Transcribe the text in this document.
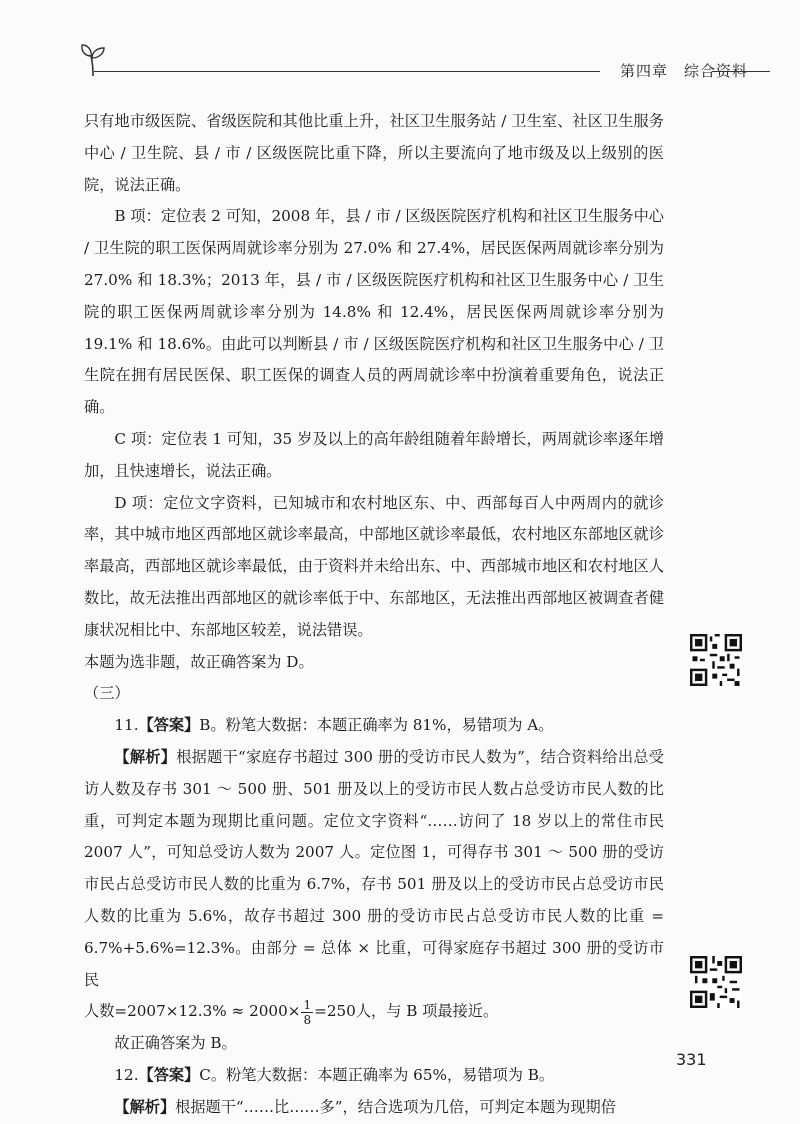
第四章　综合资料

只有地市级医院、省级医院和其他比重上升，社区卫生服务站 / 卫生室、社区卫生服务中心 / 卫生院、县 / 市 / 区级医院比重下降，所以主要流向了地市级及以上级别的医院，说法正确。

B 项：定位表 2 可知，2008 年，县 / 市 / 区级医院医疗机构和社区卫生服务中心 / 卫生院的职工医保两周就诊率分别为 27.0% 和 27.4%，居民医保两周就诊率分别为 27.0% 和 18.3%；2013 年，县 / 市 / 区级医院医疗机构和社区卫生服务中心 / 卫生院的职工医保两周就诊率分别为 14.8% 和 12.4%，居民医保两周就诊率分别为 19.1% 和 18.6%。由此可以判断县 / 市 / 区级医院医疗机构和社区卫生服务中心 / 卫生院在拥有居民医保、职工医保的调查人员的两周就诊率中扮演着重要角色，说法正确。

C 项：定位表 1 可知，35 岁及以上的高年龄组随着年龄增长，两周就诊率逐年增加，且快速增长，说法正确。

D 项：定位文字资料，已知城市和农村地区东、中、西部每百人中两周内的就诊率，其中城市地区西部地区就诊率最高，中部地区就诊率最低，农村地区东部地区就诊率最高，西部地区就诊率最低，由于资料并未给出东、中、西部城市地区和农村地区人数比，故无法推出西部地区的就诊率低于中、东部地区，无法推出西部地区被调查者健康状况相比中、东部地区较差，说法错误。

本题为选非题，故正确答案为 D。

（三）

11.【答案】B。粉笔大数据：本题正确率为 81%，易错项为 A。

【解析】根据题干“家庭存书超过 300 册的受访市民人数为”，结合资料给出总受访人数及存书 301 ～ 500 册、501 册及以上的受访市民人数占总受访市民人数的比重，可判定本题为现期比重问题。定位文字资料“……访问了 18 岁以上的常住市民 2007 人”，可知总受访人数为 2007 人。定位图 1，可得存书 301 ～ 500 册的受访市民占总受访市民人数的比重为 6.7%，存书 501 册及以上的受访市民占总受访市民人数的比重为 5.6%，故存书超过 300 册的受访市民占总受访市民人数的比重 = 6.7%+5.6%=12.3%。由部分 = 总体 × 比重，可得家庭存书超过 300 册的受访市民

人数$=2007\times 12.3\% \approx 2000\times \frac{1}{8} =250$人，与 B 项最接近。

故正确答案为 B。

12.【答案】C。粉笔大数据：本题正确率为 65%，易错项为 B。

【解析】根据题干“……比……多”，结合选项为几倍，可判定本题为现期倍

331
